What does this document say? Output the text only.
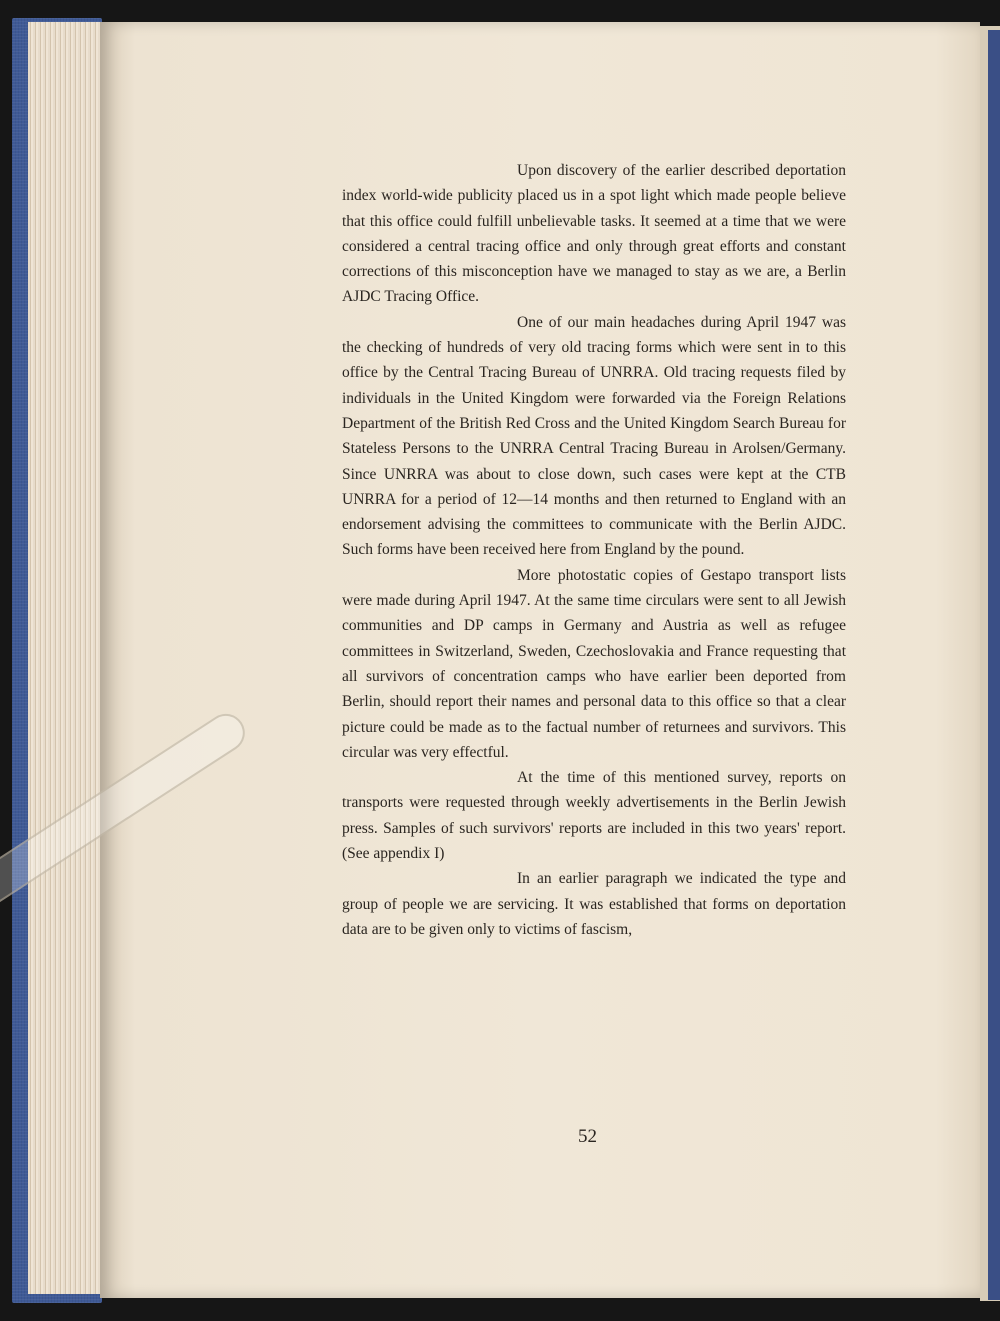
Upon discovery of the earlier described deportation index world-wide publicity placed us in a spot light which made people believe that this office could fulfill unbelievable tasks. It seemed at a time that we were considered a central tracing office and only through great efforts and constant corrections of this misconception have we managed to stay as we are, a Berlin AJDC Tracing Office.

One of our main headaches during April 1947 was the checking of hundreds of very old tracing forms which were sent in to this office by the Central Tracing Bureau of UNRRA. Old tracing requests filed by individuals in the United Kingdom were forwarded via the Foreign Relations Department of the British Red Cross and the United Kingdom Search Bureau for Stateless Persons to the UNRRA Central Tracing Bureau in Arolsen/Germany. Since UNRRA was about to close down, such cases were kept at the CTB UNRRA for a period of 12—14 months and then returned to England with an endorsement advising the committees to communicate with the Berlin AJDC. Such forms have been received here from England by the pound.

More photostatic copies of Gestapo transport lists were made during April 1947. At the same time circulars were sent to all Jewish communities and DP camps in Germany and Austria as well as refugee committees in Switzerland, Sweden, Czechoslovakia and France requesting that all survivors of concentration camps who have earlier been deported from Berlin, should report their names and personal data to this office so that a clear picture could be made as to the factual number of returnees and survivors. This circular was very effectful.

At the time of this mentioned survey, reports on transports were requested through weekly advertisements in the Berlin Jewish press. Samples of such survivors' reports are included in this two years' report. (See appendix I)

In an earlier paragraph we indicated the type and group of people we are servicing. It was established that forms on deportation data are to be given only to victims of fascism,

52
